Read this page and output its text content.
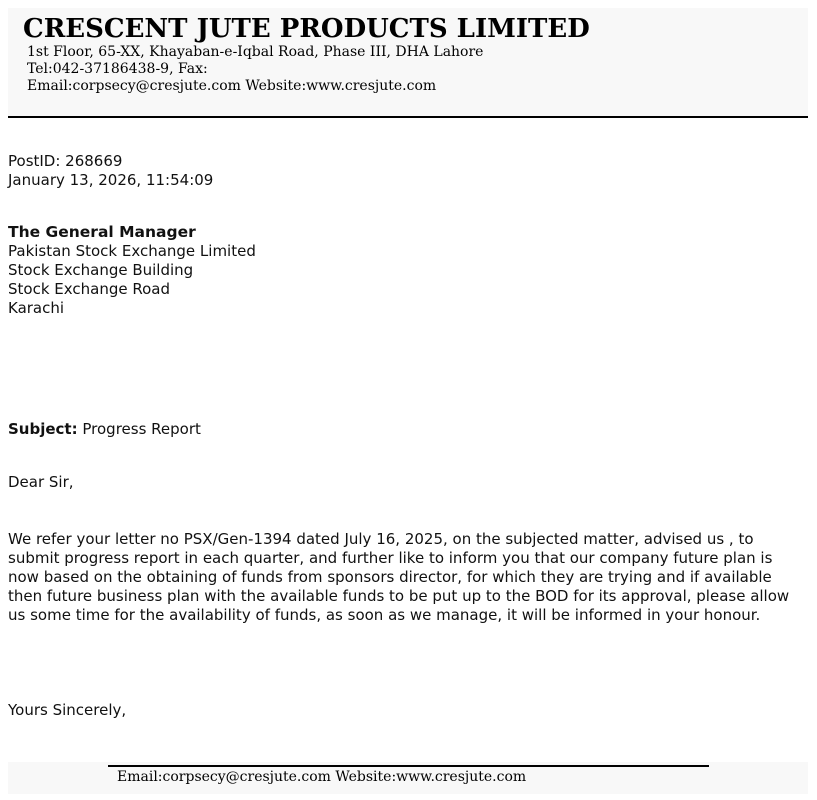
CRESCENT JUTE PRODUCTS LIMITED
1st Floor, 65-XX, Khayaban-e-Iqbal Road, Phase III, DHA Lahore
Tel:042-37186438-9, Fax:
Email:corpsecy@cresjute.com Website:www.cresjute.com
PostID: 268669
January 13, 2026, 11:54:09
The General Manager
Pakistan Stock Exchange Limited
Stock Exchange Building
Stock Exchange Road
Karachi
Subject: Progress Report
Dear Sir,

We refer your letter no PSX/Gen-1394 dated July 16, 2025, on the subjected matter, advised us , to submit progress report in each quarter, and further like to inform you that our company future plan is now based on the obtaining of funds from sponsors director, for which they are trying and if available then future business plan with the available funds to be put up to the BOD for its approval, please allow us some time for the availability of funds, as soon as we manage, it will be informed in your honour.

Yours Sincerely,
Email:corpsecy@cresjute.com Website:www.cresjute.com
